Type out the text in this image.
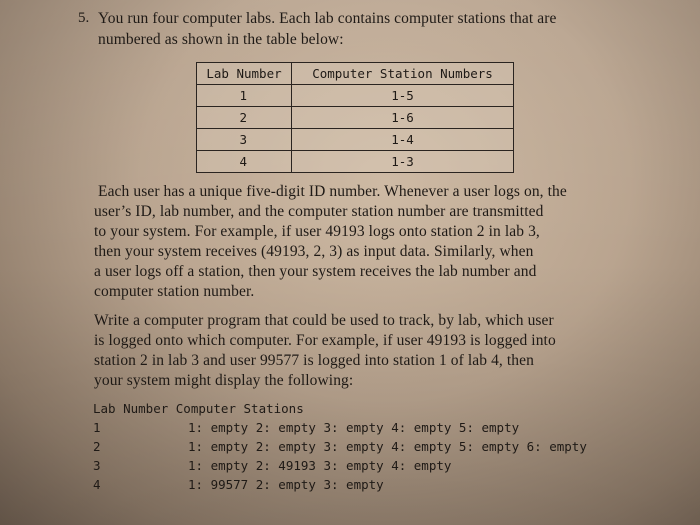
5. You run four computer labs. Each lab contains computer stations that are
numbered as shown in the table below:
Lab Number	Computer Station Numbers
1	1-5
2	1-6
3	1-4
4	1-3
Each user has a unique five-digit ID number. Whenever a user logs on, the
user’s ID, lab number, and the computer station number are transmitted
to your system. For example, if user 49193 logs onto station 2 in lab 3,
then your system receives (49193, 2, 3) as input data. Similarly, when
a user logs off a station, then your system receives the lab number and
computer station number.
Write a computer program that could be used to track, by lab, which user
is logged onto which computer. For example, if user 49193 is logged into
station 2 in lab 3 and user 99577 is logged into station 1 of lab 4, then
your system might display the following:
Lab Number Computer Stations
1	1: empty 2: empty 3: empty 4: empty 5: empty
2	1: empty 2: empty 3: empty 4: empty 5: empty 6: empty
3	1: empty 2: 49193 3: empty 4: empty
4	1: 99577 2: empty 3: empty
